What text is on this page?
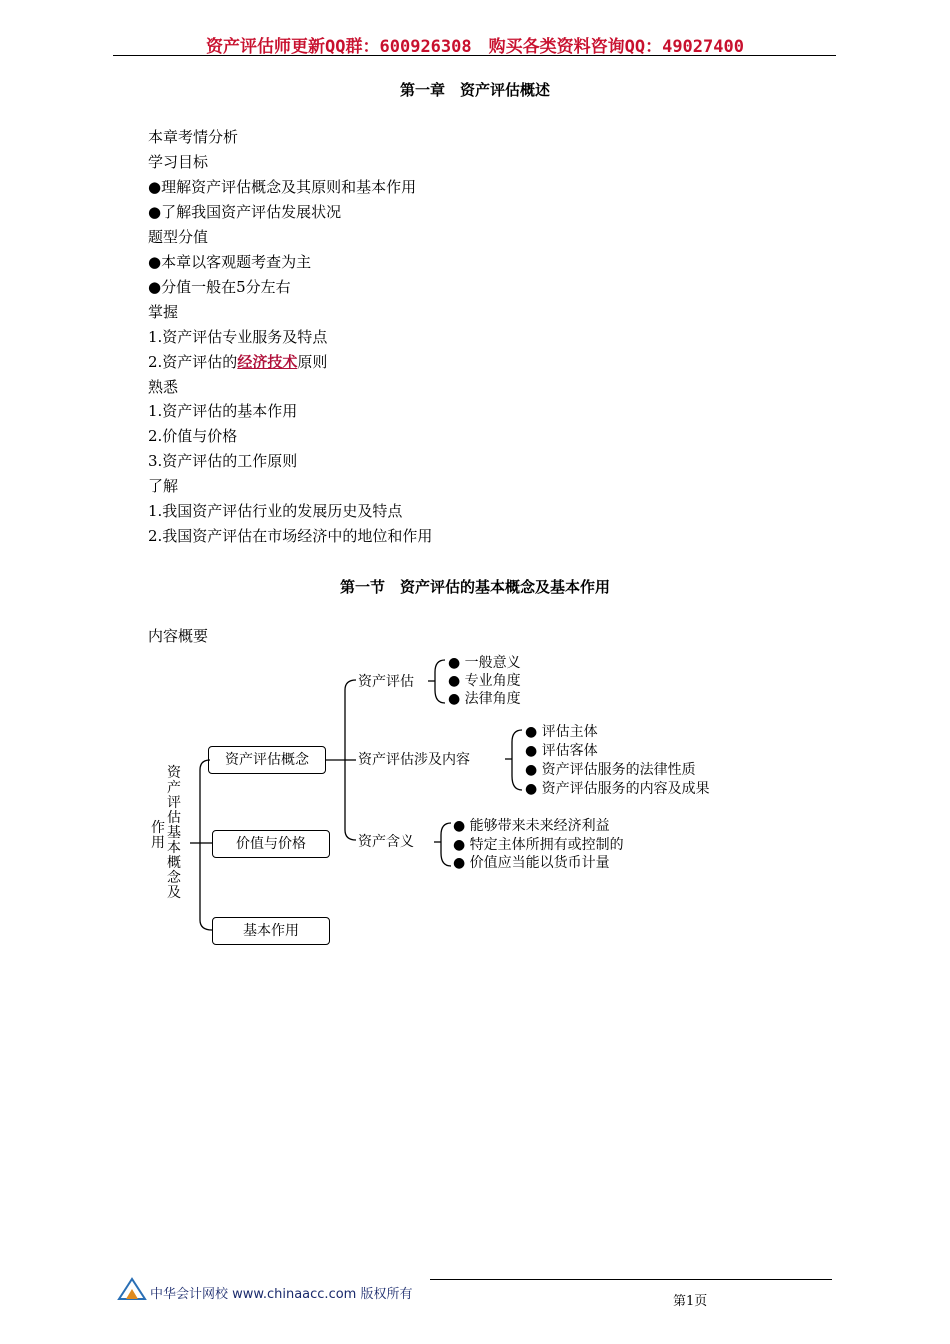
资产评估师更新QQ群：600926308　购买各类资料咨询QQ：49027400
第一章　资产评估概述
本章考情分析
学习目标
●理解资产评估概念及其原则和基本作用
●了解我国资产评估发展状况
题型分值
●本章以客观题考查为主
●分值一般在5分左右
掌握
1.资产评估专业服务及特点
2.资产评估的经济技术原则
熟悉
1.资产评估的基本作用
2.价值与价格
3.资产评估的工作原则
了解
1.我国资产评估行业的发展历史及特点
2.我国资产评估在市场经济中的地位和作用
第一节　资产评估的基本概念及基本作用
内容概要
资产评估基本概念及
作用
资产评估概念
价值与价格
基本作用
资产评估
资产评估涉及内容
资产含义
● 一般意义
● 专业角度
● 法律角度
● 评估主体
● 评估客体
● 资产评估服务的法律性质
● 资产评估服务的内容及成果
● 能够带来未来经济利益
● 特定主体所拥有或控制的
● 价值应当能以货币计量
中华会计网校 www.chinaacc.com 版权所有	第1页
